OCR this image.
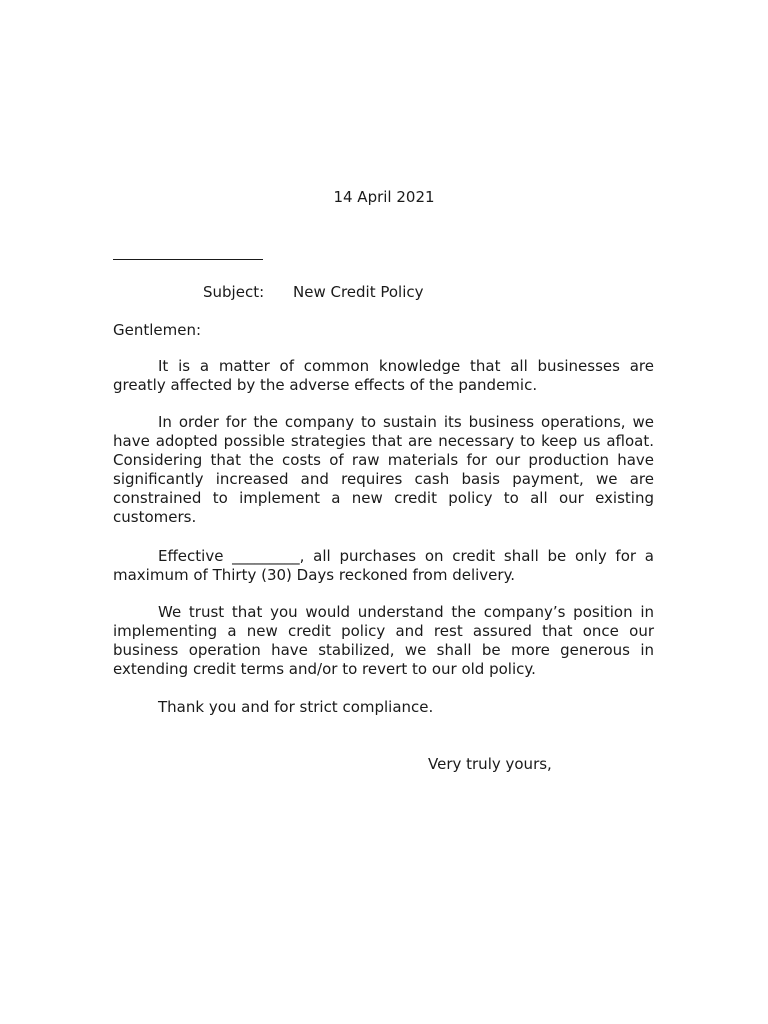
14 April 2021
Subject: New Credit Policy
Gentlemen:

It is a matter of common knowledge that all businesses are greatly affected by the adverse effects of the pandemic.

In order for the company to sustain its business operations, we have adopted possible strategies that are necessary to keep us afloat. Considering that the costs of raw materials for our production have significantly increased and requires cash basis payment, we are constrained to implement a new credit policy to all our existing customers.

Effective _________, all purchases on credit shall be only for a maximum of Thirty (30) Days reckoned from delivery.

We trust that you would understand the company’s position in implementing a new credit policy and rest assured that once our business operation have stabilized, we shall be more generous in extending credit terms and/or to revert to our old policy.

Thank you and for strict compliance.

Very truly yours,
